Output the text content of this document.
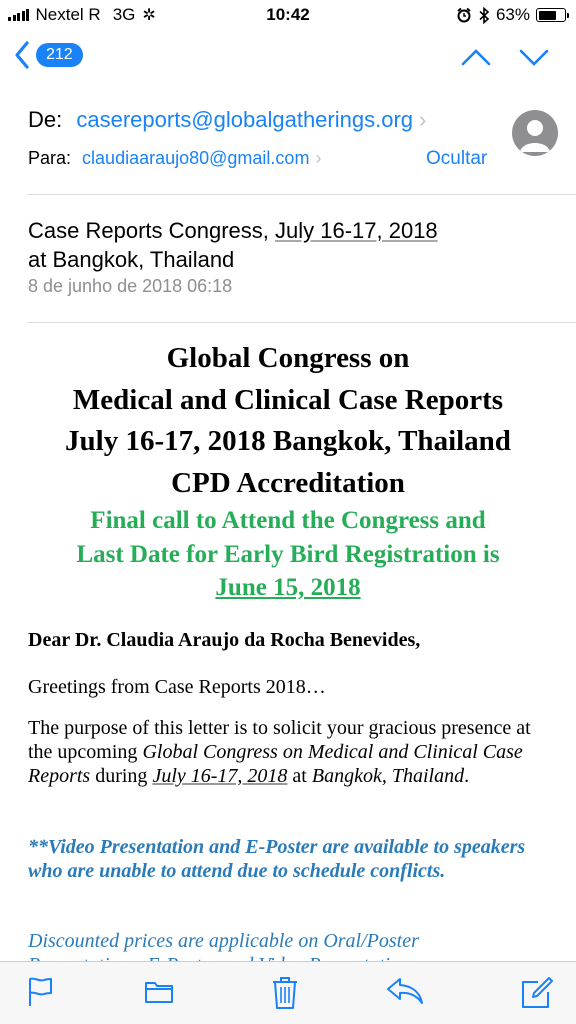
Nextel R 3G ✲	10:42	63%
212
De: casereports@globalgatherings.org ›
Para: claudiaaraujo80@gmail.com ›	Ocultar
Case Reports Congress, July 16-17, 2018
at Bangkok, Thailand
8 de junho de 2018 06:18
Global Congress on
Medical and Clinical Case Reports
July 16-17, 2018 Bangkok, Thailand
CPD Accreditation
Final call to Attend the Congress and
Last Date for Early Bird Registration is
June 15, 2018
Dear Dr. Claudia Araujo da Rocha Benevides,
Greetings from Case Reports 2018…
The purpose of this letter is to solicit your gracious presence at the upcoming Global Congress on Medical and Clinical Case Reports during July 16-17, 2018 at Bangkok, Thailand.
**Video Presentation and E-Poster are available to speakers who are unable to attend due to schedule conflicts.
Discounted prices are applicable on Oral/Poster
